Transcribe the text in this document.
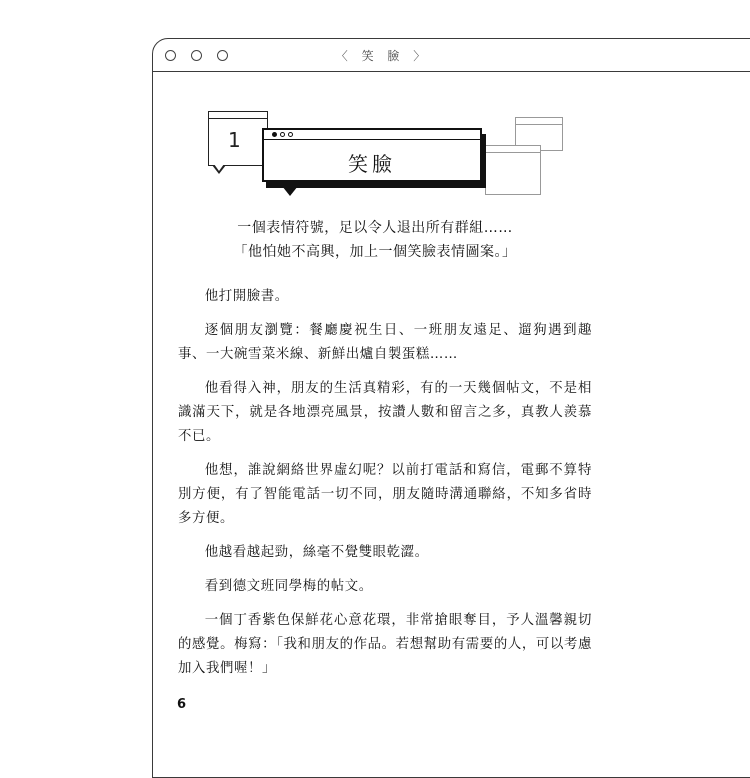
〈 笑 臉 〉
1
笑臉
一個表情符號，足以令人退出所有群組……
「他怕她不高興，加上一個笑臉表情圖案。」

他打開臉書。

逐個朋友瀏覽：餐廳慶祝生日、一班朋友遠足、遛狗遇到趣事、一大碗雪菜米線、新鮮出爐自製蛋糕……

他看得入神，朋友的生活真精彩，有的一天幾個帖文，不是相識滿天下，就是各地漂亮風景，按讚人數和留言之多，真教人羨慕不已。

他想，誰說網絡世界虛幻呢？以前打電話和寫信，電郵不算特別方便，有了智能電話一切不同，朋友隨時溝通聯絡，不知多省時多方便。

他越看越起勁，絲毫不覺雙眼乾澀。

看到德文班同學梅的帖文。

一個丁香紫色保鮮花心意花環，非常搶眼奪目，予人溫馨親切的感覺。梅寫：「我和朋友的作品。若想幫助有需要的人，可以考慮加入我們喔！」

6
